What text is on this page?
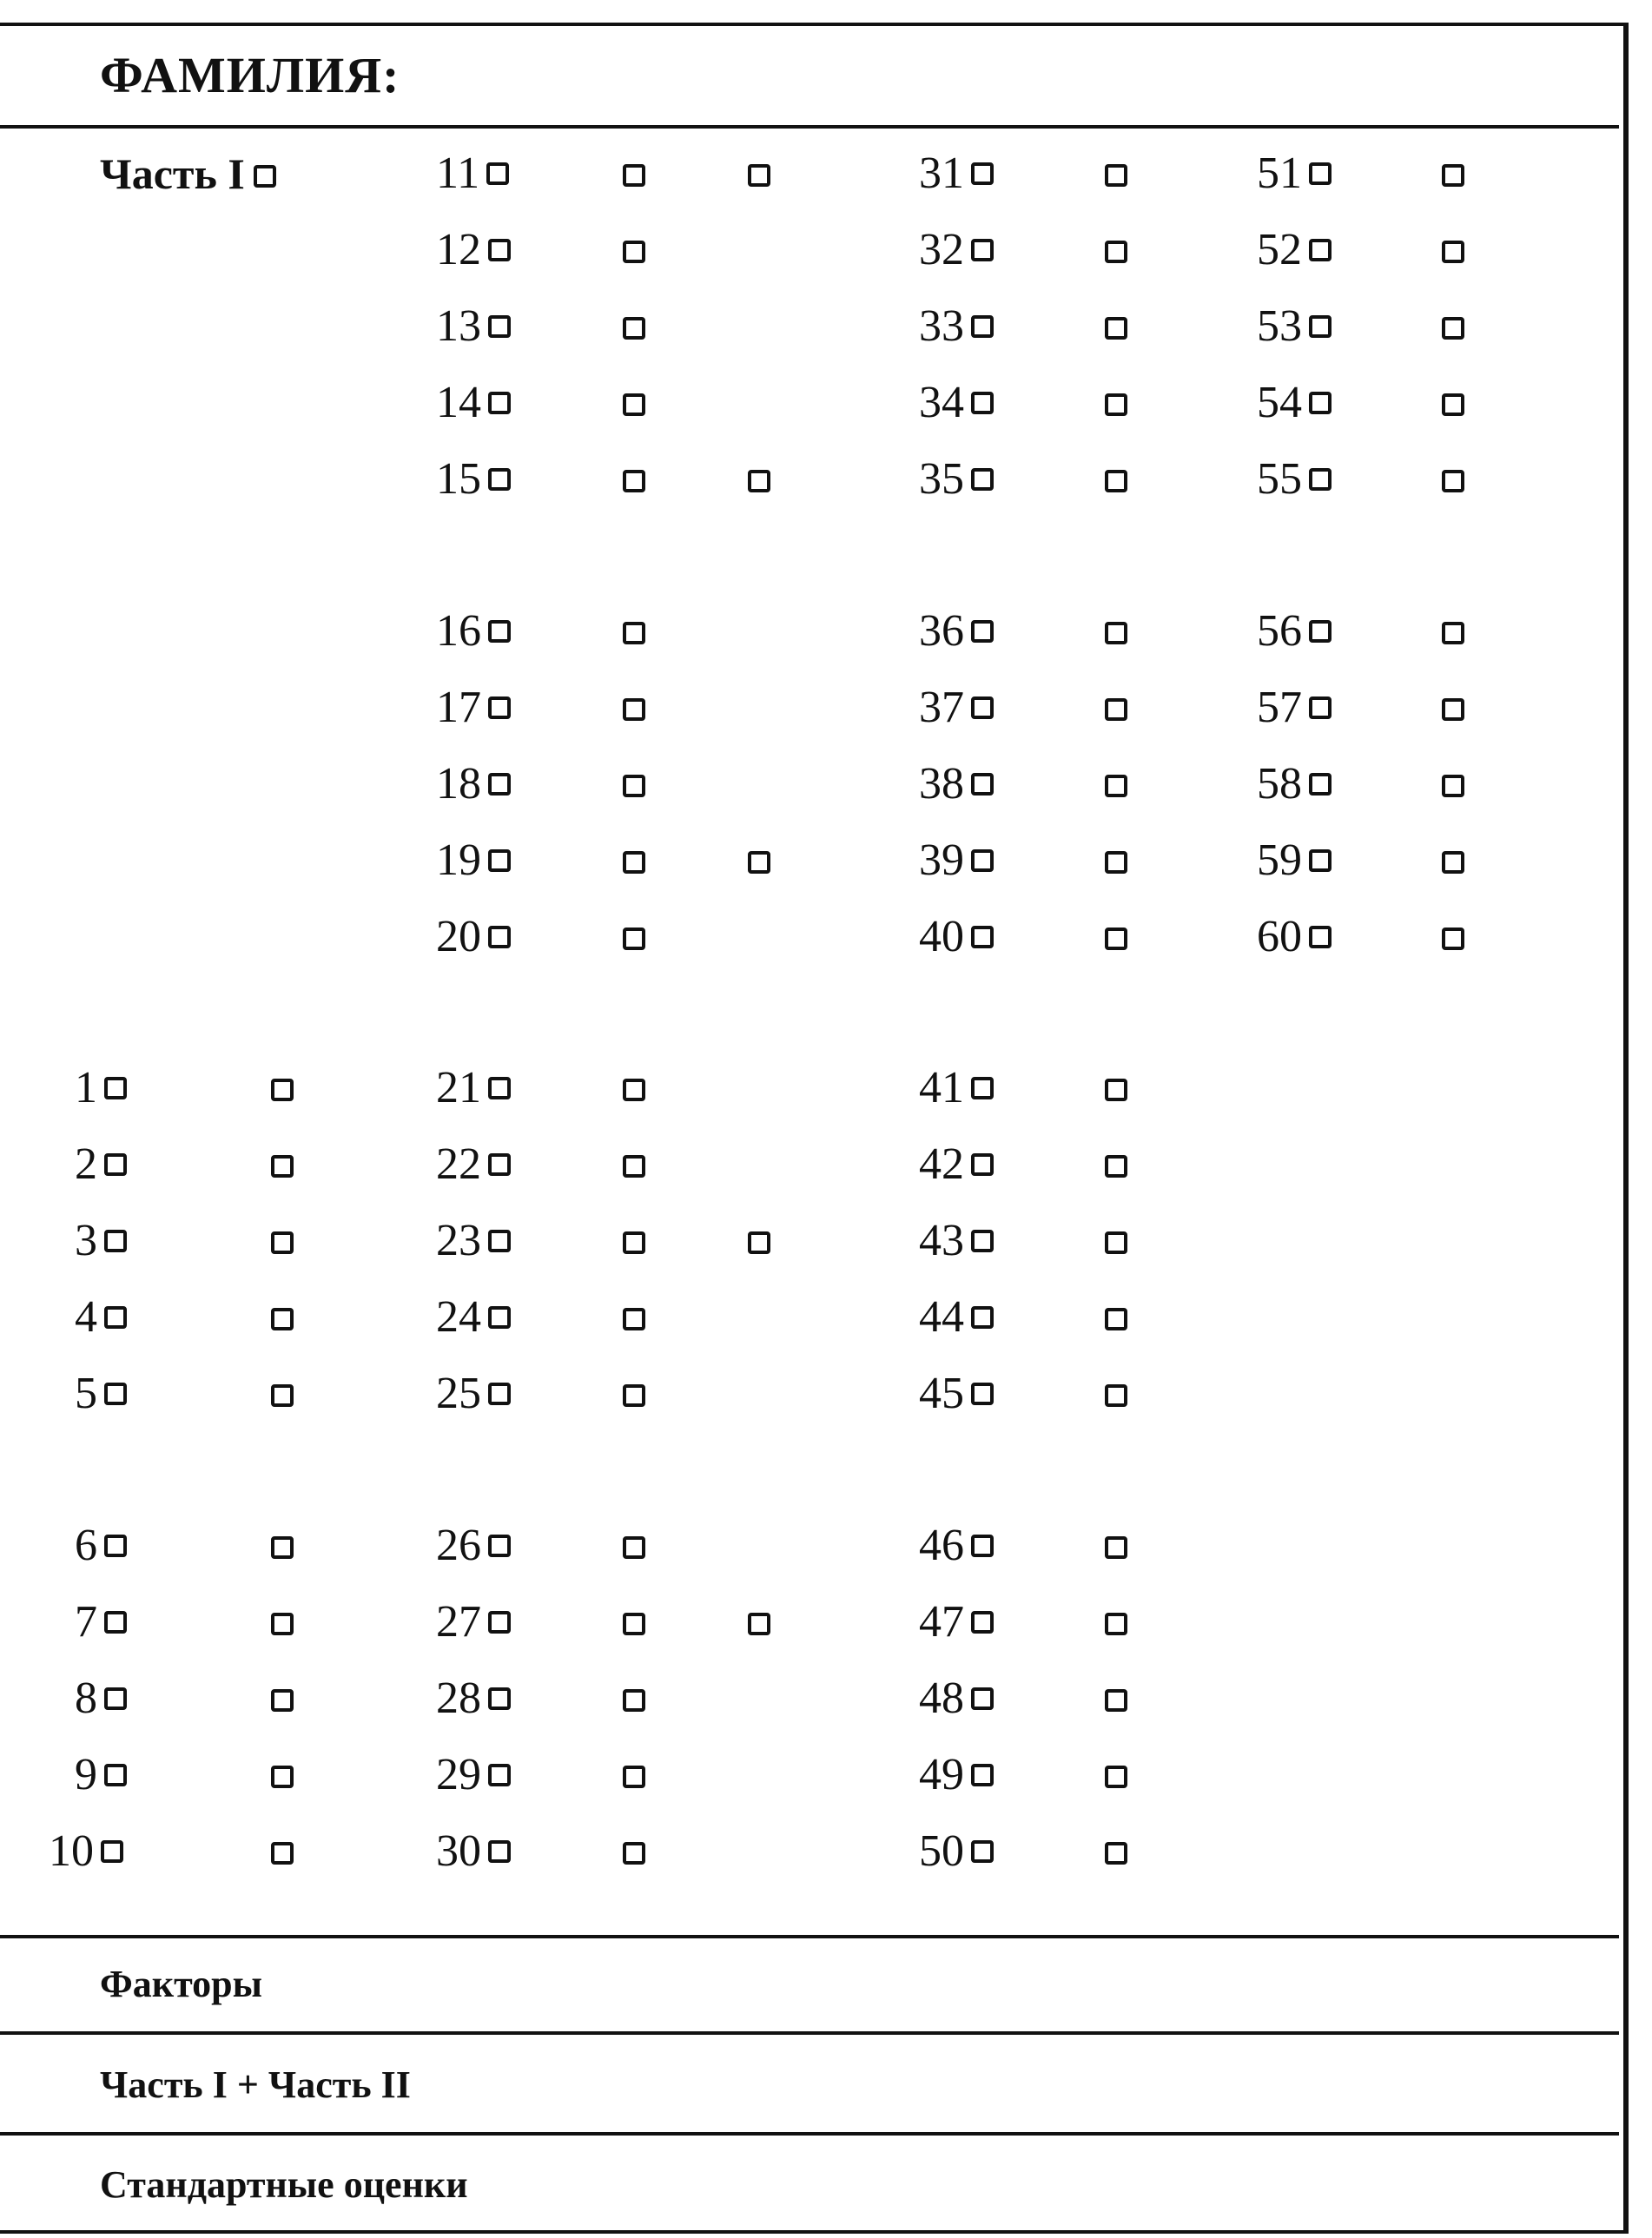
ФАМИЛИЯ:
Часть I
1
2
3
4
5
6
7
8
9
10
11
12
13
14
15
16
17
18
19
20
21
22
23
24
25
26
27
28
29
30
31
32
33
34
35
36
37
38
39
40
41
42
43
44
45
46
47
48
49
50
51
52
53
54
55
56
57
58
59
60
Факторы
Часть I + Часть II
Стандартные оценки
